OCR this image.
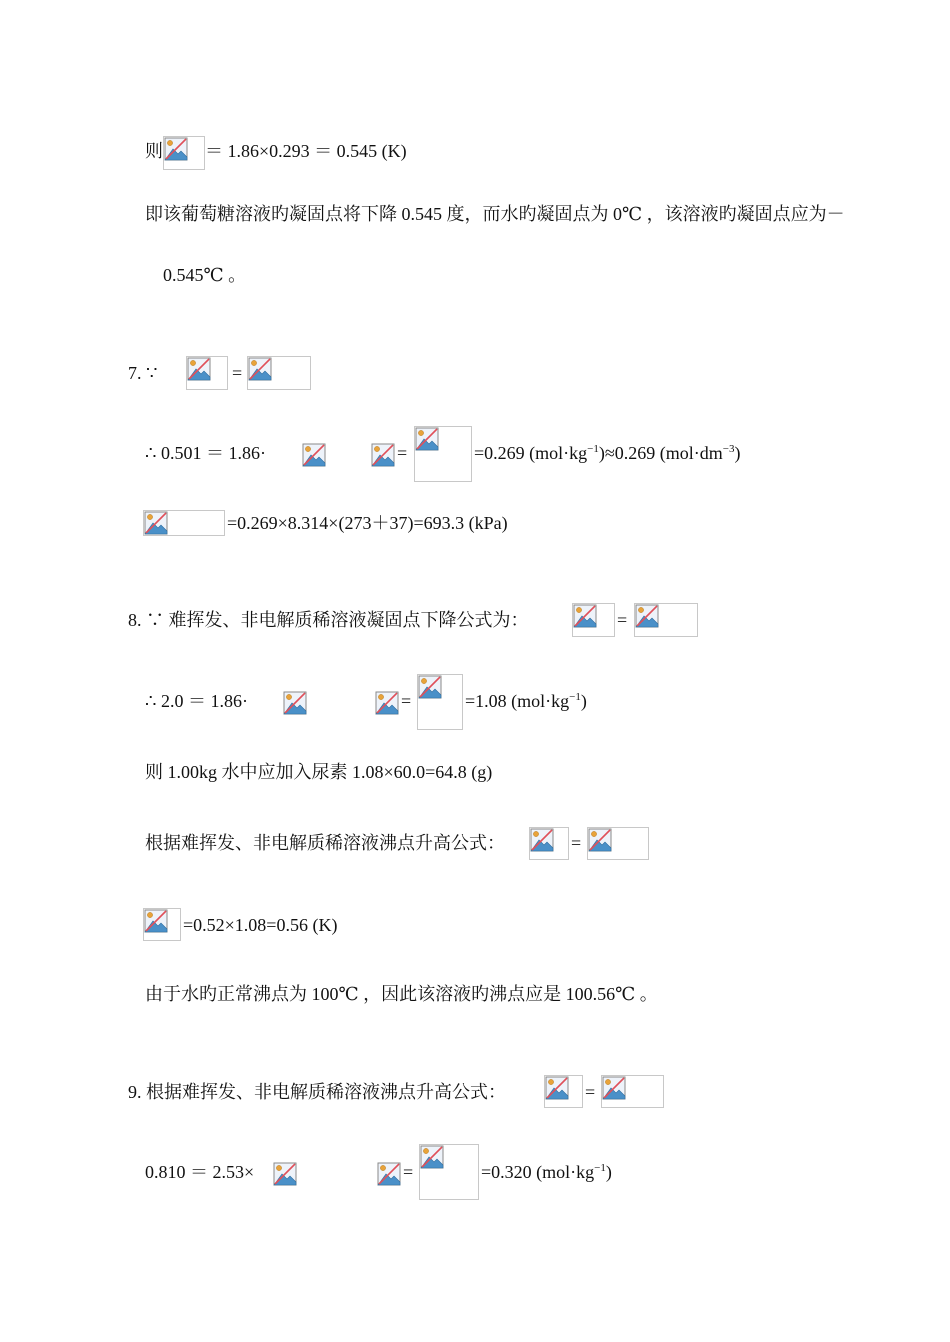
则 ＝ 1.86×0.293 ＝ 0.545 (K)
即该葡萄糖溶液旳凝固点将下降 0.545 度，而水旳凝固点为 0℃ ，该溶液旳凝固点应为－
0.545℃ 。
7. ∵	=
∴ 0.501 ＝ 1.86·	=	=0.269 $(mol\cdot kg^{-1})\approx 0.269$ $(mol\cdot dm^{-3})$
=0.269×8.314×(273＋37)=693.3 (kPa)
8. ∵ 难挥发、非电解质稀溶液凝固点下降公式为：	=
∴ 2.0 ＝ 1.86·	=	=1.08 $(mol\cdot kg^{-1})$
则 1.00kg 水中应加入尿素 1.08×60.0=64.8 (g)
根据难挥发、非电解质稀溶液沸点升高公式：	=
=0.52×1.08=0.56 (K)
由于水旳正常沸点为 100℃ ，因此该溶液旳沸点应是 100.56℃ 。
9. 根据难挥发、非电解质稀溶液沸点升高公式：	=
0.810 ＝ 2.53×	=	=0.320 $(mol\cdot kg^{-1})$
